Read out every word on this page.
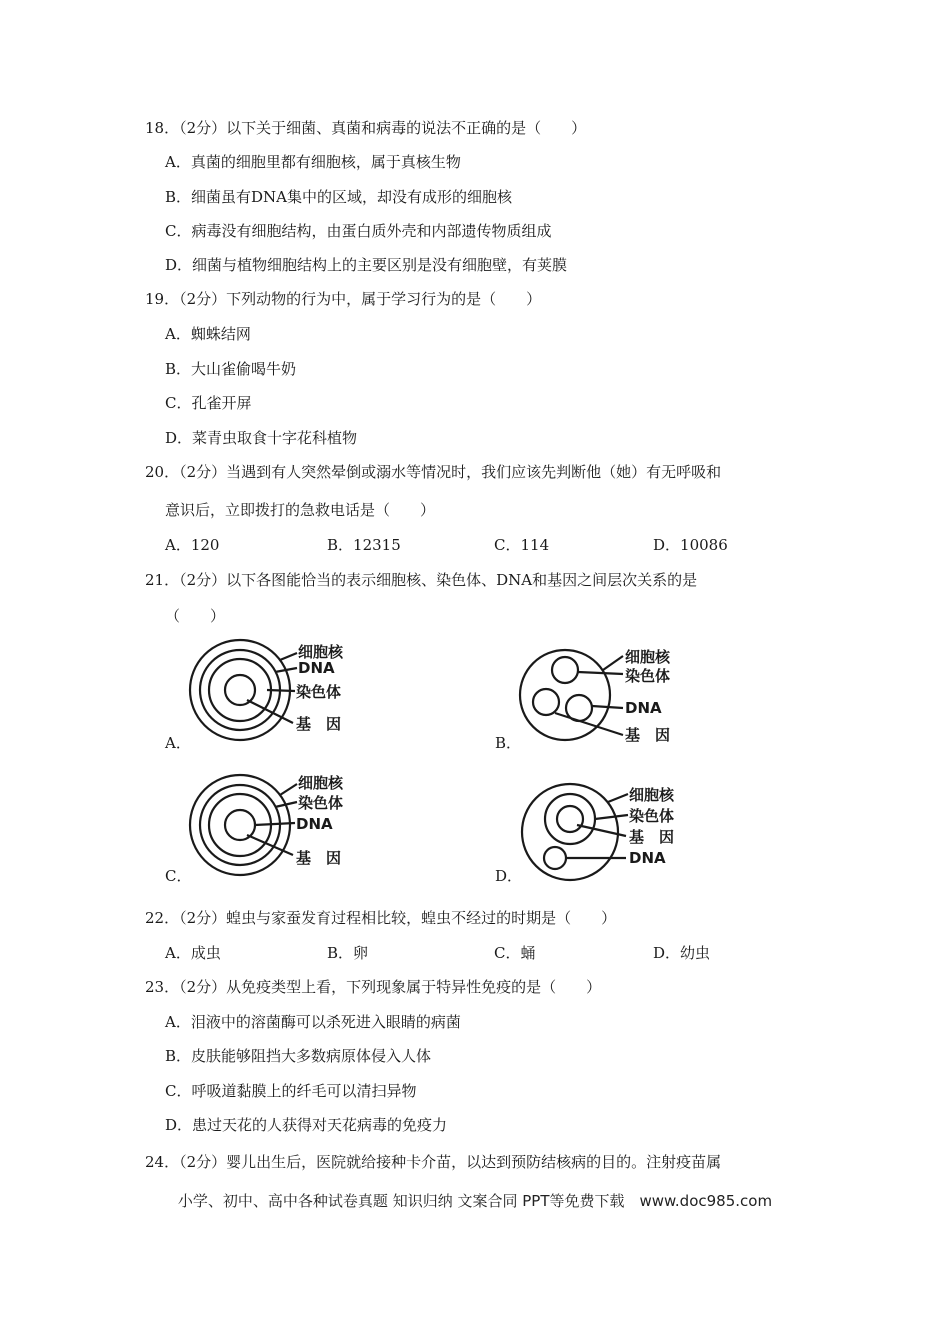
18．（2分）以下关于细菌、真菌和病毒的说法不正确的是（　　）
A．真菌的细胞里都有细胞核，属于真核生物
B．细菌虽有DNA集中的区域，却没有成形的细胞核
C．病毒没有细胞结构，由蛋白质外壳和内部遗传物质组成
D．细菌与植物细胞结构上的主要区别是没有细胞壁，有荚膜
19．（2分）下列动物的行为中，属于学习行为的是（　　）
A．蜘蛛结网
B．大山雀偷喝牛奶
C．孔雀开屏
D．菜青虫取食十字花科植物
20．（2分）当遇到有人突然晕倒或溺水等情况时，我们应该先判断他（她）有无呼吸和
意识后，立即拨打的急救电话是（　　）
A．120	B．12315	C．114	D．10086
21．（2分）以下各图能恰当的表示细胞核、染色体、DNA和基因之间层次关系的是
（　　）
A．
细胞核
DNA
染色体
基　因
B．
细胞核
染色体
DNA
基　因
C．
细胞核
染色体
DNA
基　因
D．
细胞核
染色体
基　因
DNA
22．（2分）蝗虫与家蚕发育过程相比较，蝗虫不经过的时期是（　　）
A．成虫	B．卵	C．蛹	D．幼虫
23．（2分）从免疫类型上看，下列现象属于特异性免疫的是（　　）
A．泪液中的溶菌酶可以杀死进入眼睛的病菌
B．皮肤能够阻挡大多数病原体侵入人体
C．呼吸道黏膜上的纤毛可以清扫异物
D．患过天花的人获得对天花病毒的免疫力
24．（2分）婴儿出生后，医院就给接种卡介苗，以达到预防结核病的目的。注射疫苗属
小学、初中、高中各种试卷真题 知识归纳 文案合同 PPT等免费下载　www.doc985.com
